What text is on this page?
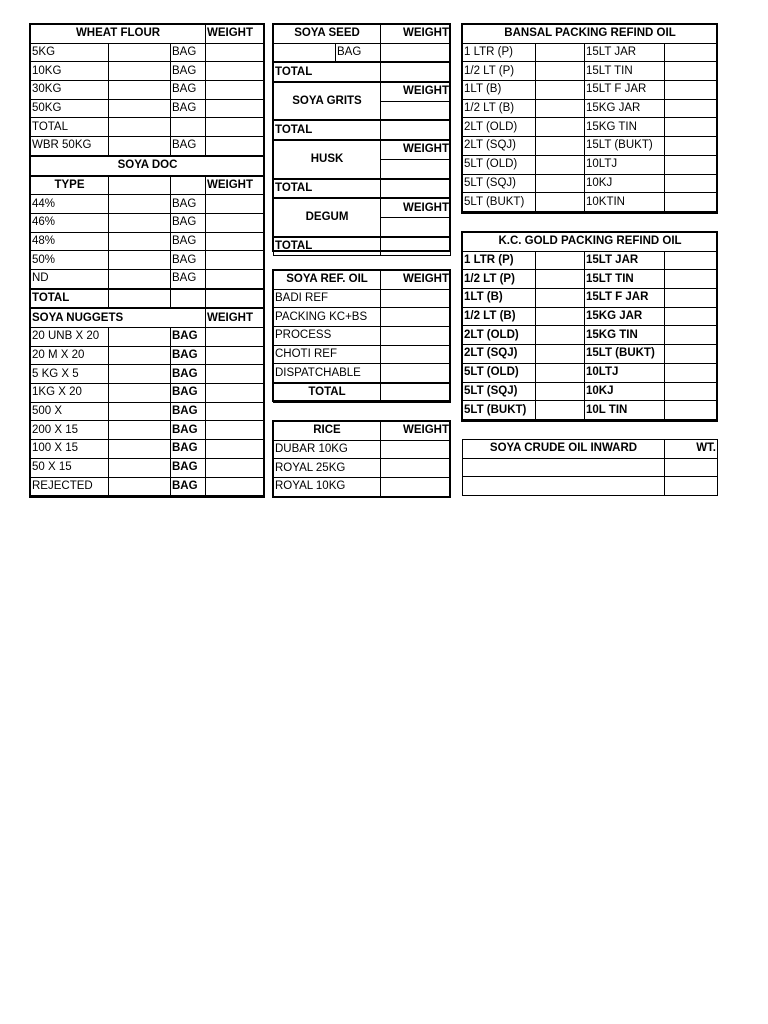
WHEAT FLOUR			WEIGHT
5KG		BAG	
10KG		BAG	
30KG		BAG	
50KG		BAG	
TOTAL			
WBR 50KG		BAG	
SOYA DOC			
TYPE			WEIGHT
44%		BAG	
46%		BAG	
48%		BAG	
50%		BAG	
ND		BAG	
TOTAL			
SOYA NUGGETS			WEIGHT
20 UNB X 20		BAG	
20 M X 20		BAG	
5 KG X 5		BAG	
1KG X 20		BAG	
500 X		BAG	
200 X 15		BAG	
100 X 15		BAG	
50 X 15		BAG	
REJECTED		BAG	
SOYA SEED		WEIGHT
	BAG	
TOTAL		
SOYA GRITS		WEIGHT

TOTAL		
HUSK		WEIGHT

TOTAL		
DEGUM		WEIGHT

TOTAL		
SOYA REF. OIL	WEIGHT
BADI REF	
PACKING KC+BS	
PROCESS	
CHOTI REF	
DISPATCHABLE	
TOTAL	
RICE	WEIGHT
DUBAR 10KG	
ROYAL 25KG	
ROYAL 10KG	
BANSAL PACKING REFIND OIL			
1 LTR (P)		15LT JAR	
1/2 LT (P)		15LT TIN	
1LT (B)		15LT F JAR	
1/2 LT (B)		15KG JAR	
2LT (OLD)		15KG TIN	
2LT (SQJ)		15LT (BUKT)	
5LT (OLD)		10LTJ	
5LT (SQJ)		10KJ	
5LT (BUKT)		10KTIN	
K.C. GOLD PACKING REFIND OIL			
1 LTR (P)		15LT JAR	
1/2 LT (P)		15LT TIN	
1LT (B)		15LT F JAR	
1/2 LT (B)		15KG JAR	
2LT (OLD)		15KG TIN	
2LT (SQJ)		15LT (BUKT)	
5LT (OLD)		10LTJ	
5LT (SQJ)		10KJ	
5LT (BUKT)		10L TIN	
SOYA CRUDE OIL INWARD	WT.
